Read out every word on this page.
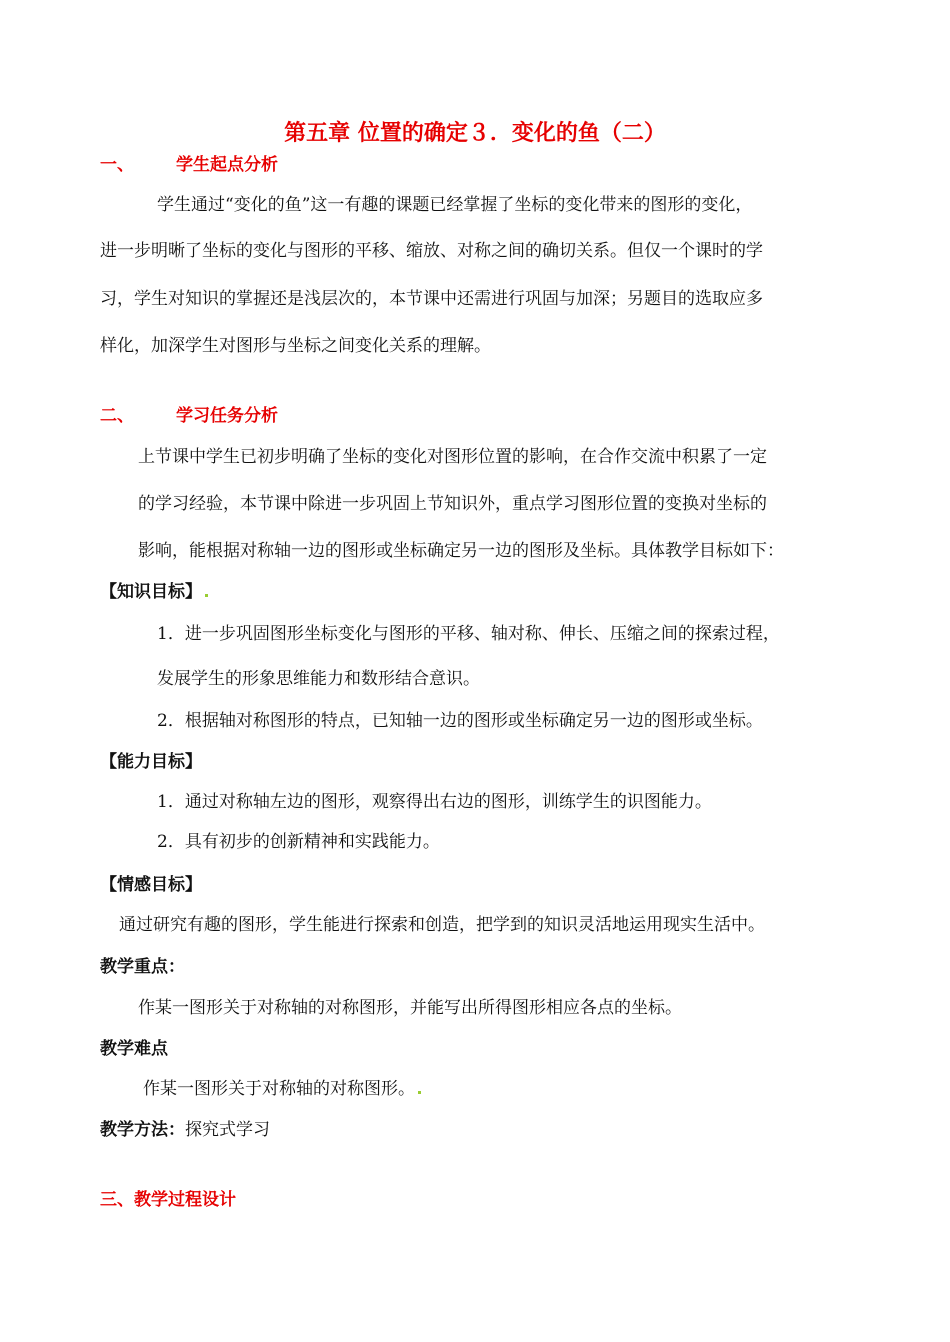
第五章 位置的确定３．变化的鱼（二）
一、 学生起点分析
学生通过“变化的鱼”这一有趣的课题已经掌握了坐标的变化带来的图形的变化，
进一步明晰了坐标的变化与图形的平移、缩放、对称之间的确切关系。但仅一个课时的学
习，学生对知识的掌握还是浅层次的，本节课中还需进行巩固与加深；另题目的选取应多
样化，加深学生对图形与坐标之间变化关系的理解。
二、 学习任务分析
上节课中学生已初步明确了坐标的变化对图形位置的影响，在合作交流中积累了一定
的学习经验，本节课中除进一步巩固上节知识外，重点学习图形位置的变换对坐标的
影响，能根据对称轴一边的图形或坐标确定另一边的图形及坐标。具体教学目标如下：
【知识目标】
1．进一步巩固图形坐标变化与图形的平移、轴对称、伸长、压缩之间的探索过程，
发展学生的形象思维能力和数形结合意识。
2．根据轴对称图形的特点，已知轴一边的图形或坐标确定另一边的图形或坐标。
【能力目标】
1．通过对称轴左边的图形，观察得出右边的图形，训练学生的识图能力。
2．具有初步的创新精神和实践能力。
【情感目标】
通过研究有趣的图形，学生能进行探索和创造，把学到的知识灵活地运用现实生活中。
教学重点：
作某一图形关于对称轴的对称图形，并能写出所得图形相应各点的坐标。
教学难点
作某一图形关于对称轴的对称图形。
教学方法：探究式学习
三、教学过程设计
